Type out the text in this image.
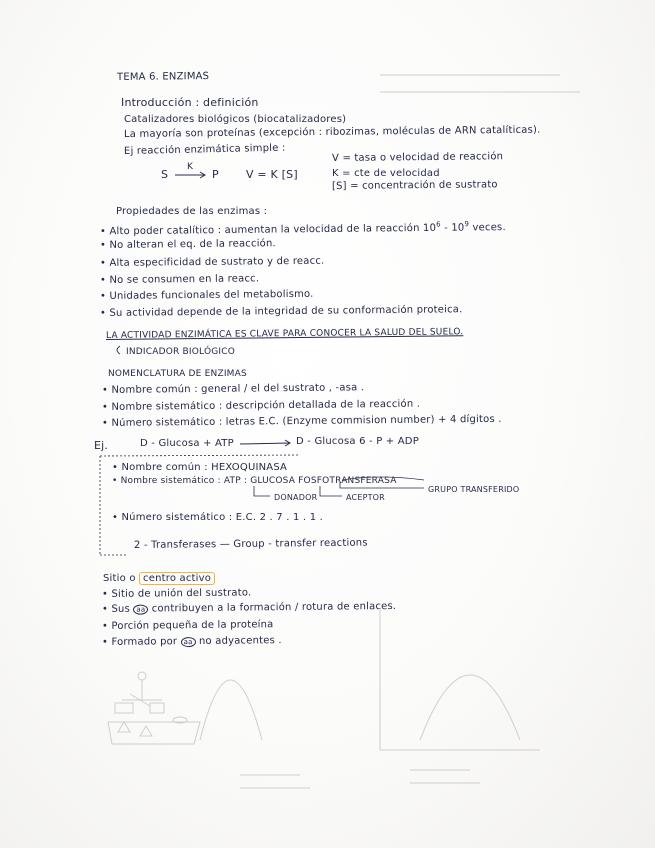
TEMA 6. ENZIMAS
Introducción : definición
Catalizadores biológicos (biocatalizadores)
La mayoría son proteínas (excepción : ribozimas, moléculas de ARN catalíticas).
Ej reacción enzimática simple :
S
K
P V = K [S]
V = tasa o velocidad de reacción
K = cte de velocidad
[S] = concentración de sustrato
Propiedades de las enzimas :
• Alto poder catalítico : aumentan la velocidad de la reacción $10^6 - 10^9$ veces.
• No alteran el eq. de la reacción.
• Alta especificidad de sustrato y de reacc.
• No se consumen en la reacc.
• Unidades funcionales del metabolismo.
• Su actividad depende de la integridad de su conformación proteica.
LA ACTIVIDAD ENZIMÁTICA ES CLAVE PARA CONOCER LA SALUD DEL SUELO.
INDICADOR BIOLÓGICO
NOMENCLATURA DE ENZIMAS
• Nombre común : general / el del sustrato , -asa .
• Nombre sistemático : descripción detallada de la reacción .
• Número sistemático : letras E.C. (Enzyme commision number) + 4 dígitos .
Ej.	D - Glucosa + ATP	D - Glucosa 6 - P + ADP
• Nombre común : HEXOQUINASA
• Nombre sistemático : ATP : GLUCOSA FOSFOTRANSFERASA
DONADOR	ACEPTOR
GRUPO TRANSFERIDO
• Número sistemático : E.C. 2 . 7 . 1 . 1 .
2 - Transferases — Group - transfer reactions
Sitio o centro activo
• Sitio de unión del sustrato.
• Sus aa contribuyen a la formación / rotura de enlaces.
• Porción pequeña de la proteína
• Formado por aa no adyacentes .
